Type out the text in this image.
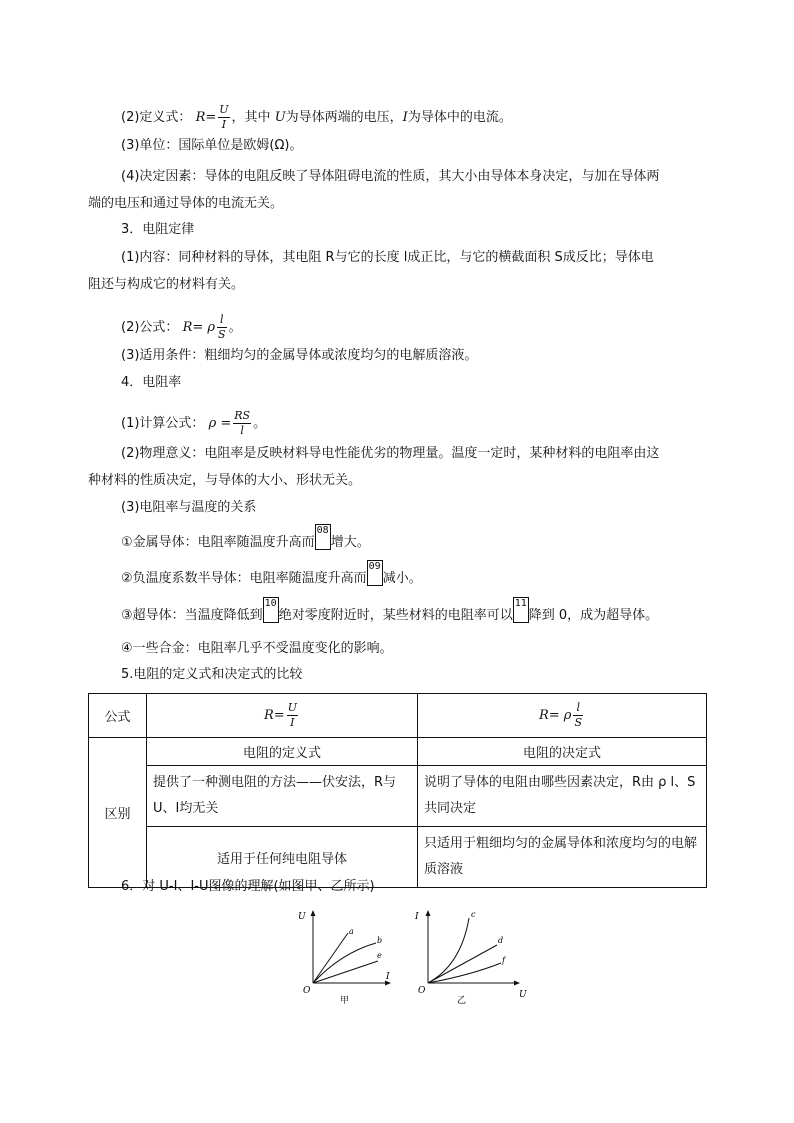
(2)定义式： $R= \frac{U}{I}$ ，其中 U为导体两端的电压，I为导体中的电流。
(3)单位：国际单位是欧姆(Ω)。
(4)决定因素：导体的电阻反映了导体阻碍电流的性质，其大小由导体本身决定，与加在导体两
端的电压和通过导体的电流无关。
3．电阻定律
(1)内容：同种材料的导体，其电阻 R与它的长度 l成正比，与它的横截面积 S成反比；导体电
阻还与构成它的材料有关。
(2)公式： R= ρ $\frac{l}{S}$ 。
(3)适用条件：粗细均匀的金属导体或浓度均匀的电解质溶液。
4．电阻率
(1)计算公式： $\rho = \frac{RS}{l}$ 。
(2)物理意义：电阻率是反映材料导电性能优劣的物理量。温度一定时，某种材料的电阻率由这
种材料的性质决定，与导体的大小、形状无关。
(3)电阻率与温度的关系
①金属导体：电阻率随温度升高而08增大。
②负温度系数半导体：电阻率随温度升高而09减小。
③超导体：当温度降低到10绝对零度附近时，某些材料的电阻率可以11降到 0，成为超导体。
④一些合金：电阻率几乎不受温度变化的影响。
5.电阻的定义式和决定式的比较
公式	$R= \frac{U}{I}$	R= ρ $\frac{l}{S}$

区别	电阻的定义式	电阻的决定式
	提供了一种测电阻的方法——伏安法，R与 U、I均无关	说明了导体的电阻由哪些因素决定，R由 ρ l、S共同决定
	适用于任何纯电阻导体	只适用于粗细均匀的金属导体和浓度均匀的电解质溶液
6．对 U-I、I-U图像的理解(如图甲、乙所示)
U
I
O
a
b
e
甲
I
U
O
c
d
f
乙
